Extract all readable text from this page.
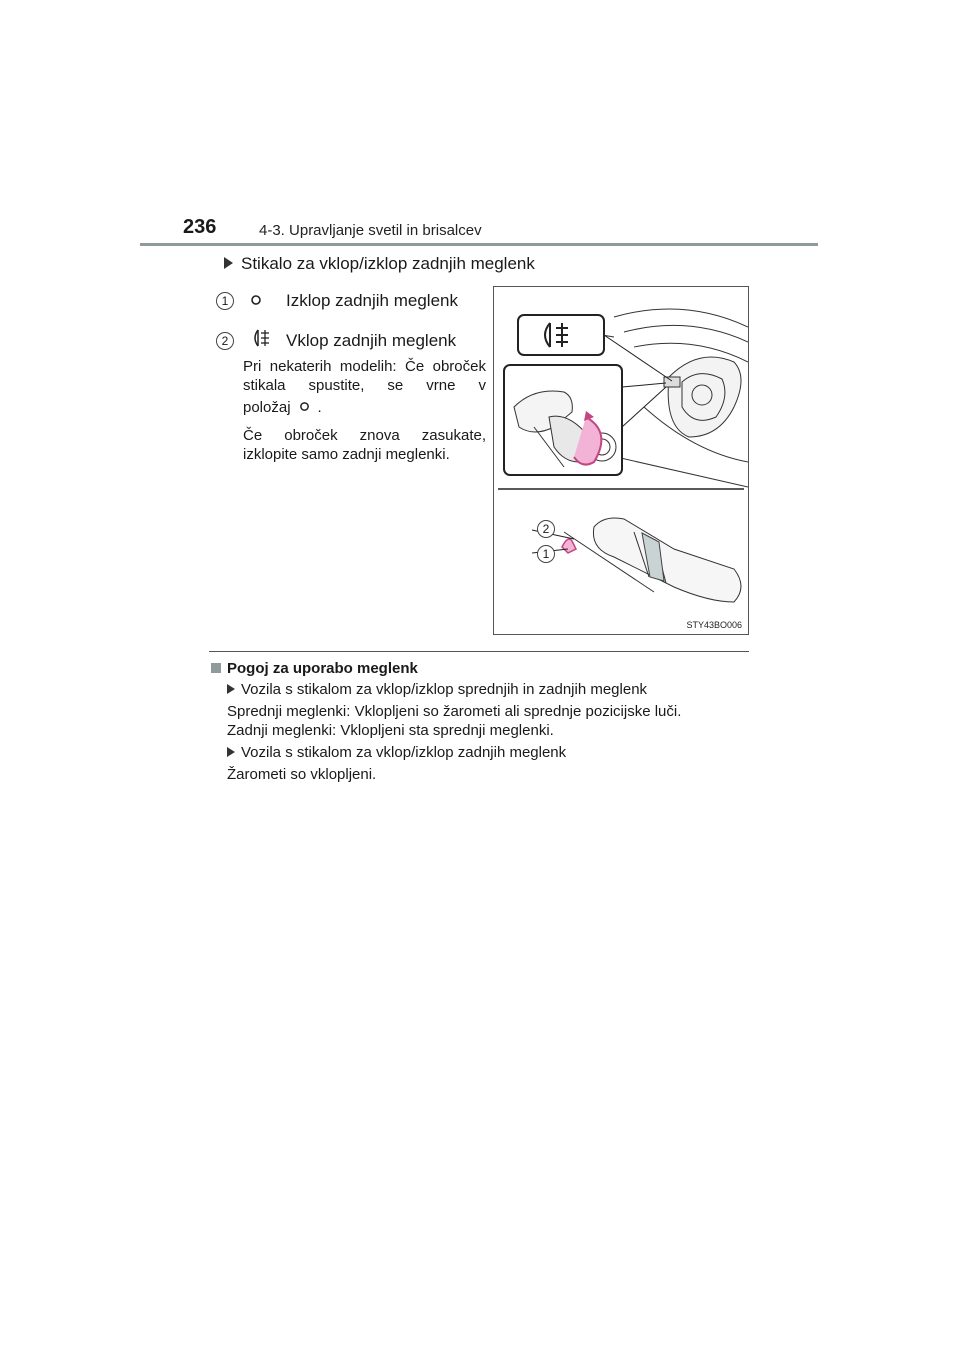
236	4-3. Upravljanje svetil in brisalcev
Stikalo za vklop/izklop zadnjih meglenk
1	Izklop zadnjih meglenk
2	Vklop zadnjih meglenk
Pri nekaterih modelih: Če obroček
stikala spustite, se vrne v
položaj .
Če obroček znova zasukate,
izklopite samo zadnji meglenki.
2
1
STY43BO006
Pogoj za uporabo meglenk
Vozila s stikalom za vklop/izklop sprednjih in zadnjih meglenk
Sprednji meglenki: Vklopljeni so žarometi ali sprednje pozicijske luči.
Zadnji meglenki: Vklopljeni sta sprednji meglenki.
Vozila s stikalom za vklop/izklop zadnjih meglenk
Žarometi so vklopljeni.
